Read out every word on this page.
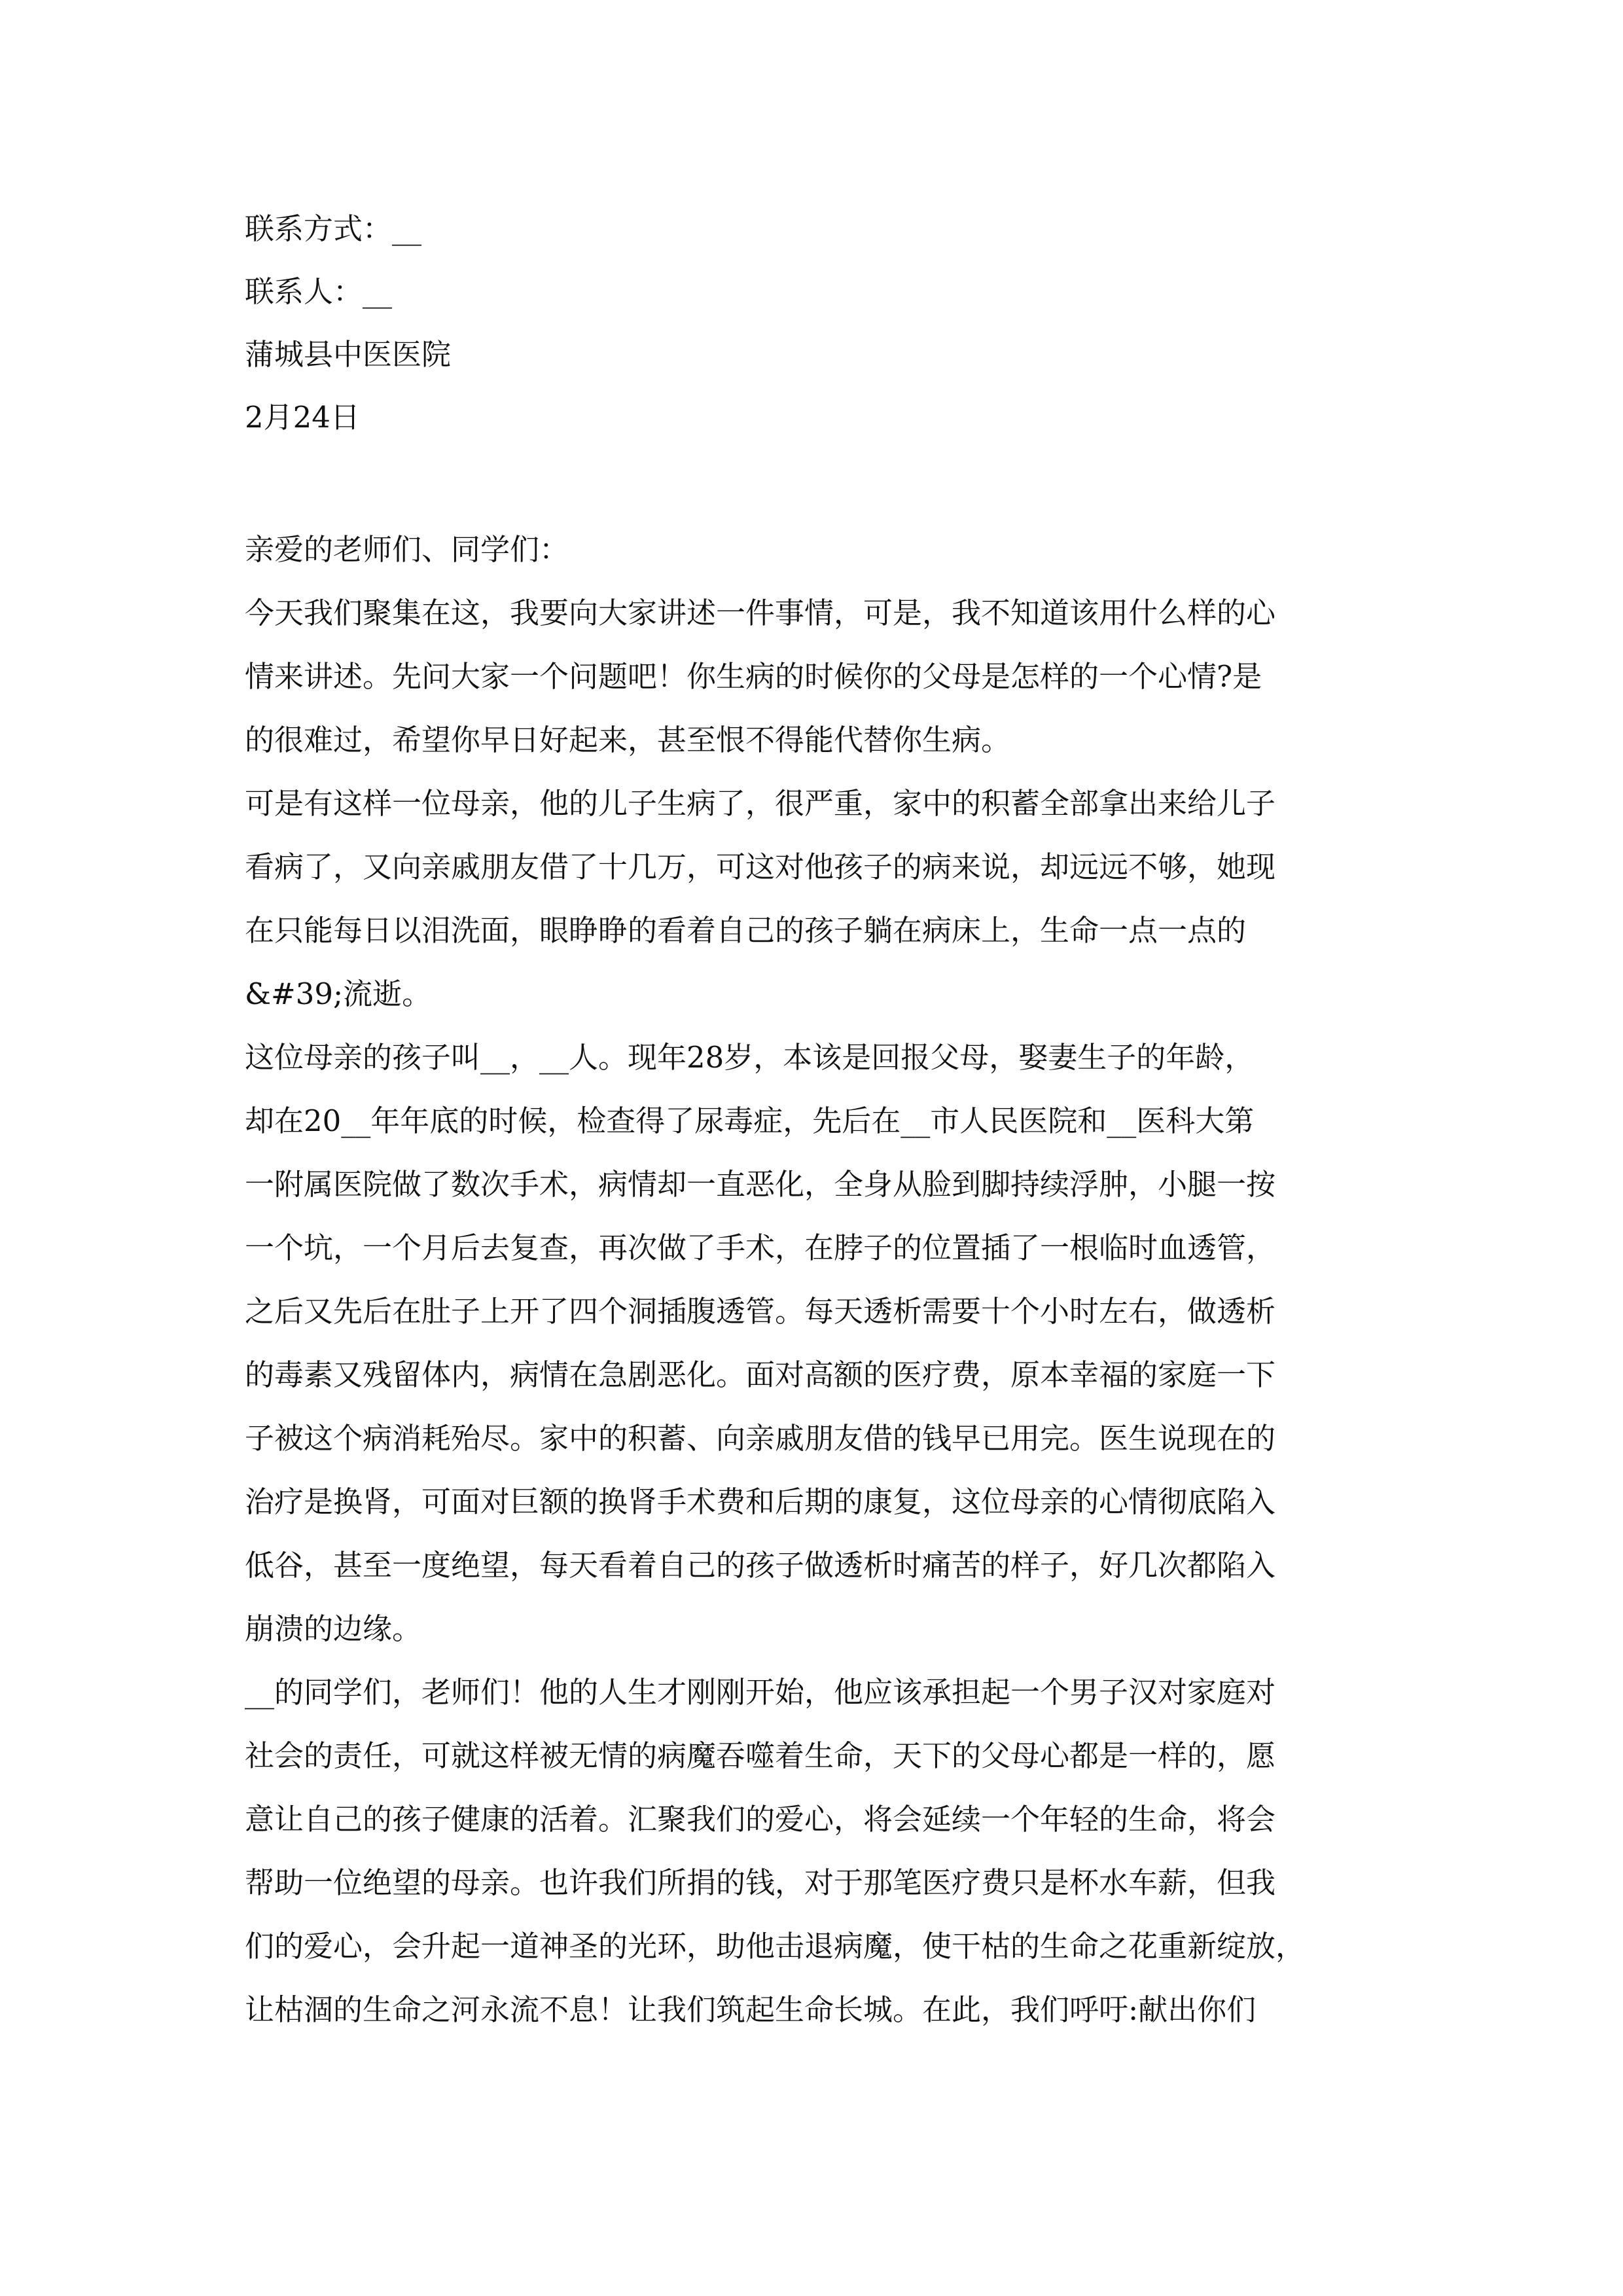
联系方式：__
联系人：__
蒲城县中医医院
2月24日
亲爱的老师们、同学们：
今天我们聚集在这，我要向大家讲述一件事情，可是，我不知道该用什么样的心
情来讲述。先问大家一个问题吧！你生病的时候你的父母是怎样的一个心情?是
的很难过，希望你早日好起来，甚至恨不得能代替你生病。
可是有这样一位母亲，他的儿子生病了，很严重，家中的积蓄全部拿出来给儿子
看病了，又向亲戚朋友借了十几万，可这对他孩子的病来说，却远远不够，她现
在只能每日以泪洗面，眼睁睁的看着自己的孩子躺在病床上，生命一点一点的
&#39;流逝。
这位母亲的孩子叫__，__人。现年28岁，本该是回报父母，娶妻生子的年龄，
却在20__年年底的时候，检查得了尿毒症，先后在__市人民医院和__医科大第
一附属医院做了数次手术，病情却一直恶化，全身从脸到脚持续浮肿，小腿一按
一个坑，一个月后去复查，再次做了手术，在脖子的位置插了一根临时血透管，
之后又先后在肚子上开了四个洞插腹透管。每天透析需要十个小时左右，做透析
的毒素又残留体内，病情在急剧恶化。面对高额的医疗费，原本幸福的家庭一下
子被这个病消耗殆尽。家中的积蓄、向亲戚朋友借的钱早已用完。医生说现在的
治疗是换肾，可面对巨额的换肾手术费和后期的康复，这位母亲的心情彻底陷入
低谷，甚至一度绝望，每天看着自己的孩子做透析时痛苦的样子，好几次都陷入
崩溃的边缘。
__的同学们，老师们！他的人生才刚刚开始，他应该承担起一个男子汉对家庭对
社会的责任，可就这样被无情的病魔吞噬着生命，天下的父母心都是一样的，愿
意让自己的孩子健康的活着。汇聚我们的爱心，将会延续一个年轻的生命，将会
帮助一位绝望的母亲。也许我们所捐的钱，对于那笔医疗费只是杯水车薪，但我
们的爱心，会升起一道神圣的光环，助他击退病魔，使干枯的生命之花重新绽放，
让枯涸的生命之河永流不息！让我们筑起生命长城。在此，我们呼吁:献出你们
